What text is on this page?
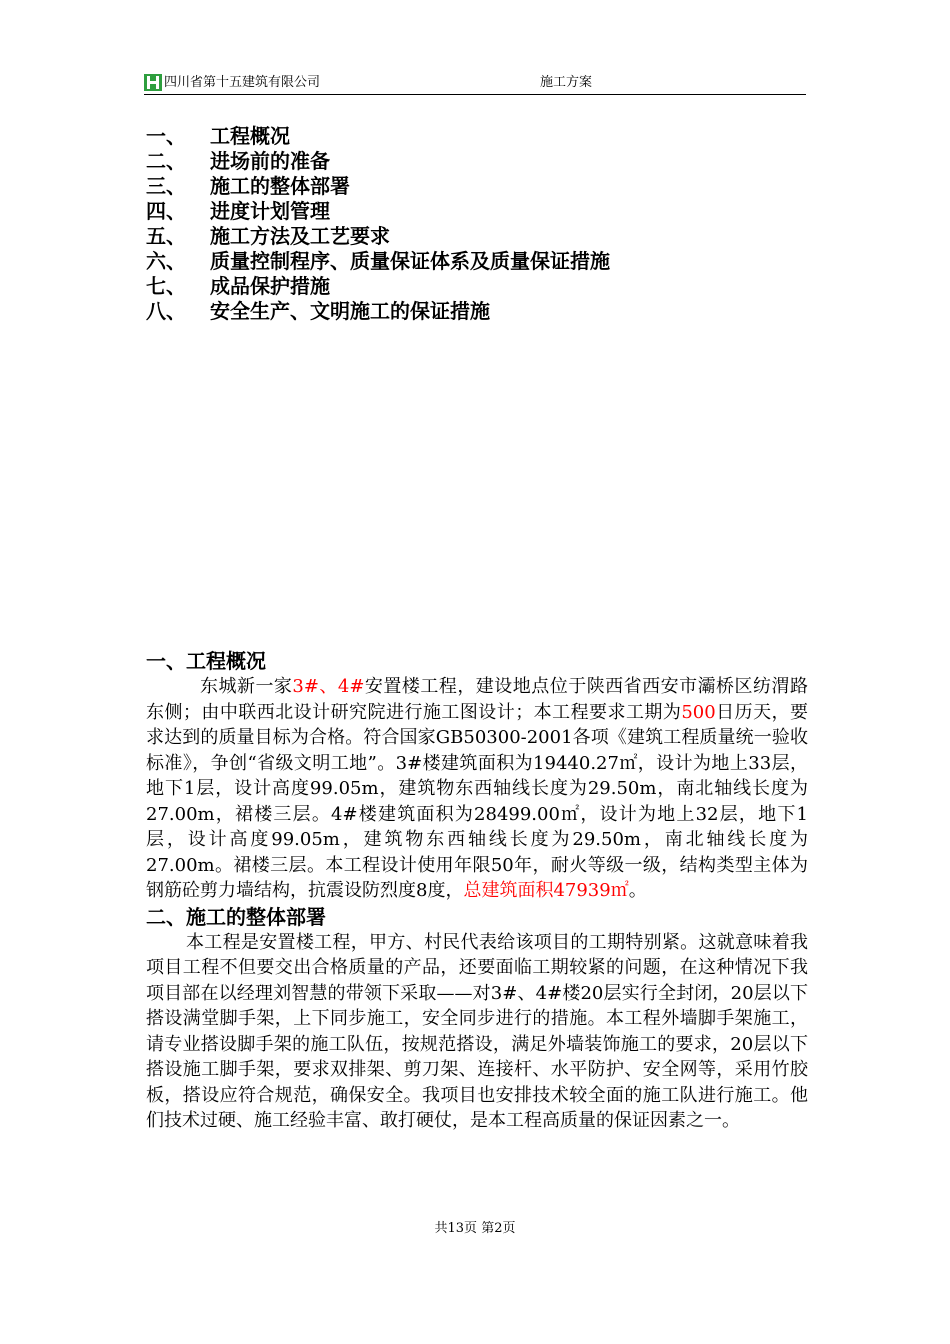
四川省第十五建筑有限公司	施工方案
一、	工程概况
二、	进场前的准备
三、	施工的整体部署
四、	进度计划管理
五、	施工方法及工艺要求
六、	质量控制程序、质量保证体系及质量保证措施
七、	成品保护措施
八、	安全生产、文明施工的保证措施
一、工程概况

东城新一家3#、4#安置楼工程，建设地点位于陕西省西安市灞桥区纺渭路东侧；由中联西北设计研究院进行施工图设计；本工程要求工期为500日历天，要求达到的质量目标为合格。符合国家GB50300-2001各项《建筑工程质量统一验收标准》，争创“省级文明工地”。3#楼建筑面积为19440.27㎡，设计为地上33层，地下1层，设计高度99.05m，建筑物东西轴线长度为29.50m，南北轴线长度为27.00m，裙楼三层。4#楼建筑面积为28499.00㎡，设计为地上32层，地下1层，设计高度99.05m，建筑物东西轴线长度为29.50m，南北轴线长度为27.00m。裙楼三层。本工程设计使用年限50年，耐火等级一级，结构类型主体为钢筋砼剪力墙结构，抗震设防烈度8度，总建筑面积47939㎡。

二、施工的整体部署

本工程是安置楼工程，甲方、村民代表给该项目的工期特别紧。这就意味着我项目工程不但要交出合格质量的产品，还要面临工期较紧的问题，在这种情况下我项目部在以经理刘智慧的带领下采取——对3#、4#楼20层实行全封闭，20层以下搭设满堂脚手架，上下同步施工，安全同步进行的措施。本工程外墙脚手架施工，请专业搭设脚手架的施工队伍，按规范搭设，满足外墙装饰施工的要求，20层以下搭设施工脚手架，要求双排架、剪刀架、连接杆、水平防护、安全网等，采用竹胶板，搭设应符合规范，确保安全。我项目也安排技术较全面的施工队进行施工。他们技术过硬、施工经验丰富、敢打硬仗，是本工程高质量的保证因素之一。

共13页 第2页
